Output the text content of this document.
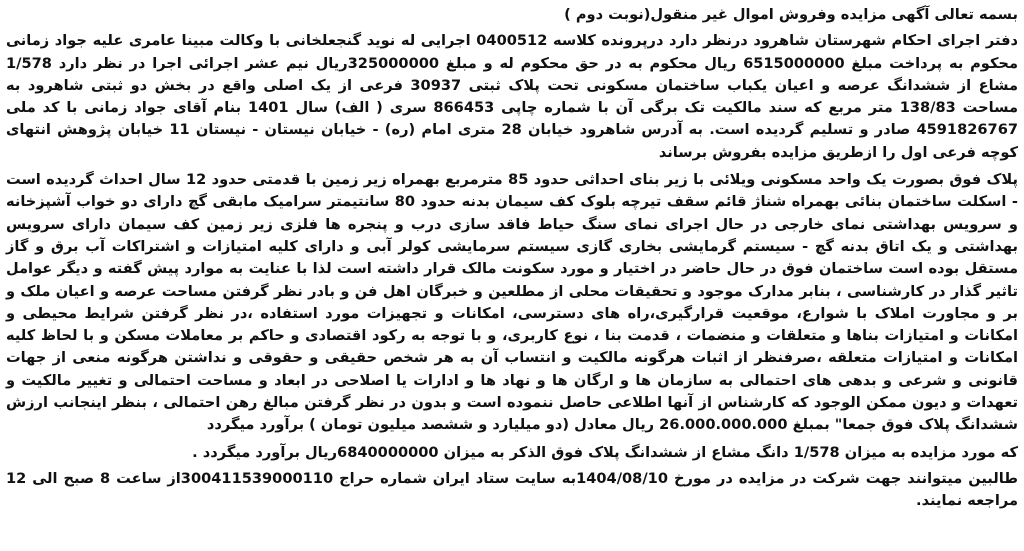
بسمه تعالی آگهی مزایده وفروش اموال غیر منقول(نوبت دوم )

دفتر اجرای احکام شهرستان شاهرود درنظر دارد درپرونده کلاسه 0400512 اجرایی له نوید گنجعلخانی با وکالت مبینا عامری علیه جواد زمانی محکوم به پرداخت مبلغ 6515000000 ریال محکوم به در حق محکوم له و مبلغ 325000000ریال نیم عشر اجرائی اجرا در نظر دارد 1/578 مشاع از ششدانگ عرصه و اعیان یکباب ساختمان مسکونی تحت پلاک ثبتی 30937 فرعی از یک اصلی واقع در بخش دو ثبتی شاهرود به مساحت 138/83 متر مربع که سند مالکیت تک برگی آن با شماره چاپی 866453 سری ( الف) سال 1401 بنام آقای جواد زمانی با کد ملی 4591826767 صادر و تسلیم گردیده است. به آدرس شاهرود خیابان 28 متری امام (ره) - خیابان نیستان - نیستان 11 خیابان پژوهش انتهای کوچه فرعی اول را ازطریق مزایده بفروش برساند

پلاک فوق بصورت یک واحد مسکونی ویلائی با زیر بنای احداثی حدود 85 مترمربع بهمراه زیر زمین با قدمتی حدود 12 سال احداث گردیده است - اسکلت ساختمان بنائی بهمراه شناژ قائم سقف تیرچه بلوک کف سیمان بدنه حدود 80 سانتیمتر سرامیک مابقی گچ دارای دو خواب آشپزخانه و سرویس بهداشتی نمای خارجی در حال اجرای نمای سنگ حیاط فاقد سازی درب و پنجره ها فلزی زیر زمین کف سیمان دارای سرویس بهداشتی و یک اتاق بدنه گچ - سیستم گرمایشی بخاری گازی سیستم سرمایشی کولر آبی و دارای کلیه امتیازات و اشتراکات آب برق و گاز مستقل بوده است ساختمان فوق در حال حاضر در اختیار و مورد سکونت مالک قرار داشته است لذا با عنایت به موارد پیش گفته و دیگر عوامل تاثیر گذار در کارشناسی ، بنابر مدارک موجود و تحقیقات محلی از مطلعین و خبرگان اهل فن و بادر نظر گرفتن مساحت عرصه و اعیان ملک و بر و مجاورت املاک با شوارع، موقعیت قرارگیری،راه های دسترسی، امکانات و تجهیزات مورد استفاده ،در نظر گرفتن شرایط محیطی و امکانات و امتیازات بناها و متعلقات و منضمات ، قدمت بنا ، نوع کاربری، و با توجه به رکود اقتصادی و حاکم بر معاملات مسکن و با لحاظ کلیه امکانات و امتیازات متعلقه ،صرفنظر از اثبات هرگونه مالکیت و انتساب آن به هر شخص حقیقی و حقوقی و نداشتن هرگونه منعی از جهات قانونی و شرعی و بدهی های احتمالی به سازمان ها و ارگان ها و نهاد ها و ادارات یا اصلاحی در ابعاد و مساحت احتمالی و تغییر مالکیت و تعهدات و دیون ممکن الوجود که کارشناس از آنها اطلاعی حاصل ننموده است و بدون در نظر گرفتن مبالغ رهن احتمالی ، بنظر اینجانب ارزش ششدانگ پلاک فوق جمعا" بمبلغ 26.000.000.000 ریال معادل (دو میلیارد و ششصد میلیون تومان ) برآورد میگردد

که مورد مزایده به میزان 1/578 دانگ مشاع از ششدانگ پلاک فوق الذکر به میزان 6840000000ریال برآورد میگردد .

طالبین میتوانند جهت شرکت در مزایده در مورخ 1404/08/10به سایت ستاد ایران شماره حراج 300411539000110از ساعت 8 صبح الی 12 مراجعه نمایند.
